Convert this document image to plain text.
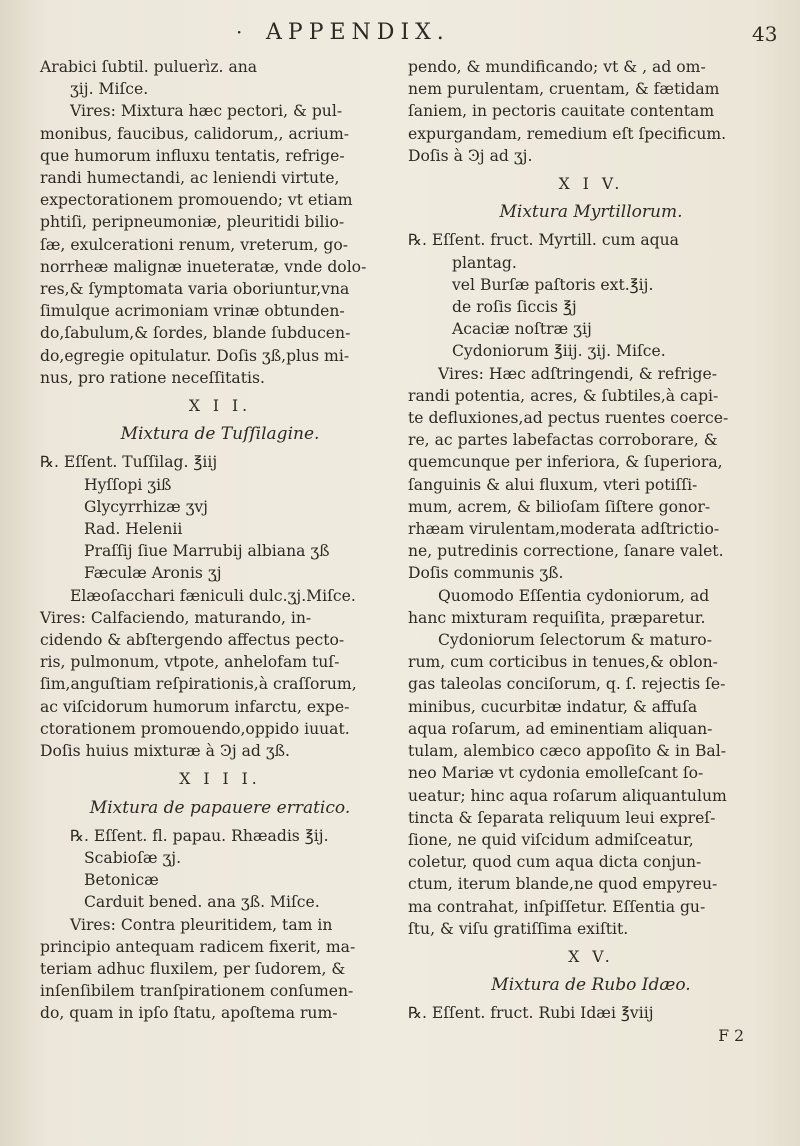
· APPENDIX.	43

Arabici ſubtil. puluerìz. ana

ʒij. Miſce.

Vires: Mixtura hæc pectori, & pul-

monibus, faucibus, calidorum,, acrium-

que humorum influxu tentatis, refrige-

randi humectandi, ac leniendi virtute,

expectorationem promouendo; vt etiam

phtiſi, peripneumoniæ, pleuritidi bilio-

ſæ, exulcerationi renum, vreterum, go-

norrheæ malignæ inueteratæ, vnde dolo-

res,& ſymptomata varia oboriuntur,vna

ſimulque acrimoniam vrinæ obtunden-

do,ſabulum,& ſordes, blande ſubducen-

do,egregie opitulatur. Doſis ʒß,plus mi-

nus, pro ratione neceſſitatis.

X I I.

Mixtura de Tuſſilagine.

℞. Eſſent. Tuſſilag. ℥iij

Hyſſopi ʒiß

Glycyrrhizæ ʒvj

Rad. Helenii

Praſſij ſiue Marrubij albiana ʒß

Fæculæ Aronis ʒj

Elæoſacchari fæniculi dulc.ʒj.Miſce.

Vires: Calfaciendo, maturando, in-

cidendo & abſtergendo affectus pecto-

ris, pulmonum, vtpote, anhelofam tuſ-

ſim,anguſtiam reſpirationis,à craſſorum,

ac viſcidorum humorum infarctu, expe-

ctorationem promouendo,oppido iuuat.

Doſis huius mixturæ à Ͽj ad ʒß.

X I I I.

Mixtura de papauere erratico.

℞. Eſſent. fl. papau. Rhæadis ℥ij.

Scabioſæ ʒj.

Betonicæ

Carduit bened. ana ʒß. Miſce.

Vires: Contra pleuritidem, tam in

principio antequam radicem fixerit, ma-

teriam adhuc fluxilem, per ſudorem, &

inſenſibilem tranſpirationem conſumen-

do, quam in ipſo ſtatu, apoſtema rum-

pendo, & mundificando; vt & , ad om-

nem purulentam, cruentam, & fætidam

ſaniem, in pectoris cauitate contentam

expurgandam, remedium eſt ſpecificum.

Doſis à Ͽj ad ʒj.

X I V.

Mixtura Myrtillorum.

℞. Eſſent. fruct. Myrtill. cum aqua

plantag.

vel Burſæ paſtoris ext.℥ij.

de roſis ſiccis ℥j

Acaciæ noſtræ ʒij

Cydoniorum ℥iij. ʒij. Miſce.

Vires: Hæc adſtringendi, & refrige-

randi potentia, acres, & ſubtiles,à capi-

te defluxiones,ad pectus ruentes coerce-

re, ac partes labefactas corroborare, &

quemcunque per inferiora, & ſuperiora,

ſanguinis & alui fluxum, vteri potiſſi-

mum, acrem, & bilioſam ſiſtere gonor-

rhæam virulentam,moderata adſtrictio-

ne, putredinis correctione, ſanare valet.

Doſis communis ʒß.

Quomodo Eſſentia cydoniorum, ad

hanc mixturam requiſita, præparetur.

Cydoniorum ſelectorum & maturo-

rum, cum corticibus in tenues,& oblon-

gas taleolas conciſorum, q. ſ. rejectis ſe-

minibus, cucurbitæ indatur, & affuſa

aqua roſarum, ad eminentiam aliquan-

tulam, alembico cæco appoſito & in Bal-

neo Mariæ vt cydonia emolleſcant ſo-

ueatur; hinc aqua roſarum aliquantulum

tincta & ſeparata reliquum leui expreſ-

ſione, ne quid viſcidum admiſceatur,

coletur, quod cum aqua dicta conjun-

ctum, iterum blande,ne quod empyreu-

ma contrahat, inſpiſſetur. Eſſentia gu-

ſtu, & viſu gratiſſima exiſtit.

X V.

Mixtura de Rubo Idæo.

℞. Eſſent. fruct. Rubi Idæi ℥viij

F 2
